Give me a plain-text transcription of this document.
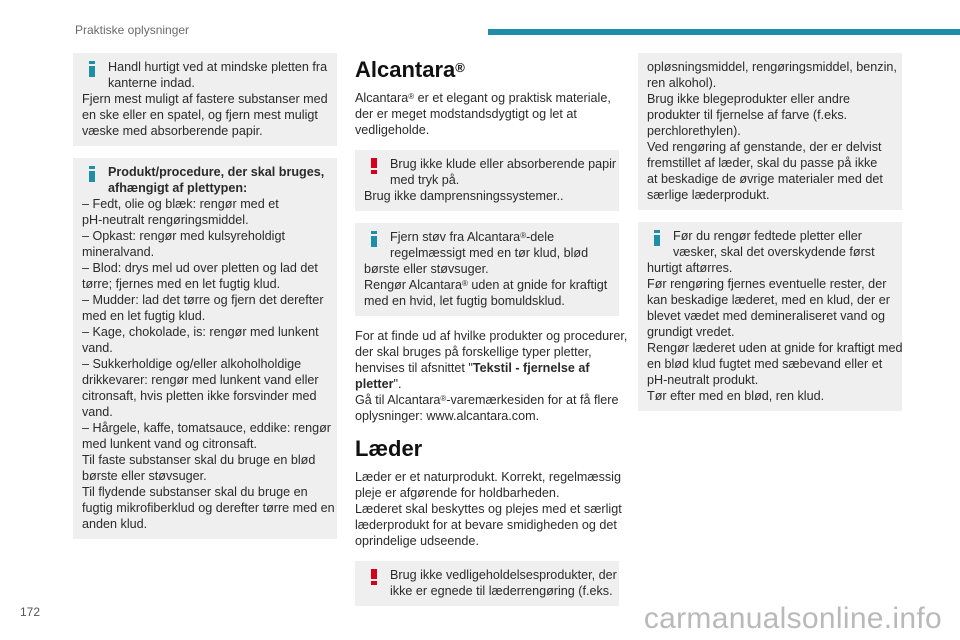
Praktiske oplysninger
Handl hurtigt ved at mindske pletten fra
kanterne indad.
Fjern mest muligt af fastere substanser med
en ske eller en spatel, og fjern mest muligt
væske med absorberende papir.
Produkt/procedure, der skal bruges,
afhængigt af plettypen:
– Fedt, olie og blæk: rengør med et
pH-neutralt rengøringsmiddel.
– Opkast: rengør med kulsyreholdigt
mineralvand.
– Blod: drys mel ud over pletten og lad det
tørre; fjernes med en let fugtig klud.
– Mudder: lad det tørre og fjern det derefter
med en let fugtig klud.
– Kage, chokolade, is: rengør med lunkent
vand.
– Sukkerholdige og/eller alkoholholdige
drikkevarer: rengør med lunkent vand eller
citronsaft, hvis pletten ikke forsvinder med
vand.
– Hårgele, kaffe, tomatsauce, eddike: rengør
med lunkent vand og citronsaft.
Til faste substanser skal du bruge en blød
børste eller støvsuger.
Til flydende substanser skal du bruge en
fugtig mikrofiberklud og derefter tørre med en
anden klud.
Alcantara®
Alcantara® er et elegant og praktisk materiale,
der er meget modstandsdygtigt og let at
vedligeholde.
Brug ikke klude eller absorberende papir
med tryk på.
Brug ikke damprensningssystemer..
Fjern støv fra Alcantara®-dele
regelmæssigt med en tør klud, blød
børste eller støvsuger.
Rengør Alcantara® uden at gnide for kraftigt
med en hvid, let fugtig bomuldsklud.
For at finde ud af hvilke produkter og procedurer,
der skal bruges på forskellige typer pletter,
henvises til afsnittet "Tekstil - fjernelse af
pletter".
Gå til Alcantara®-varemærkesiden for at få flere
oplysninger: www.alcantara.com.
Læder
Læder er et naturprodukt. Korrekt, regelmæssig
pleje er afgørende for holdbarheden.
Læderet skal beskyttes og plejes med et særligt
læderprodukt for at bevare smidigheden og det
oprindelige udseende.
Brug ikke vedligeholdelsesprodukter, der
ikke er egnede til læderrengøring (f.eks.
opløsningsmiddel, rengøringsmiddel, benzin,
ren alkohol).
Brug ikke blegeprodukter eller andre
produkter til fjernelse af farve (f.eks.
perchlorethylen).
Ved rengøring af genstande, der er delvist
fremstillet af læder, skal du passe på ikke
at beskadige de øvrige materialer med det
særlige læderprodukt.
Før du rengør fedtede pletter eller
væsker, skal det overskydende først
hurtigt aftørres.
Før rengøring fjernes eventuelle rester, der
kan beskadige læderet, med en klud, der er
blevet vædet med demineraliseret vand og
grundigt vredet.
Rengør læderet uden at gnide for kraftigt med
en blød klud fugtet med sæbevand eller et
pH-neutralt produkt.
Tør efter med en blød, ren klud.
172	carmanualsonline.info
